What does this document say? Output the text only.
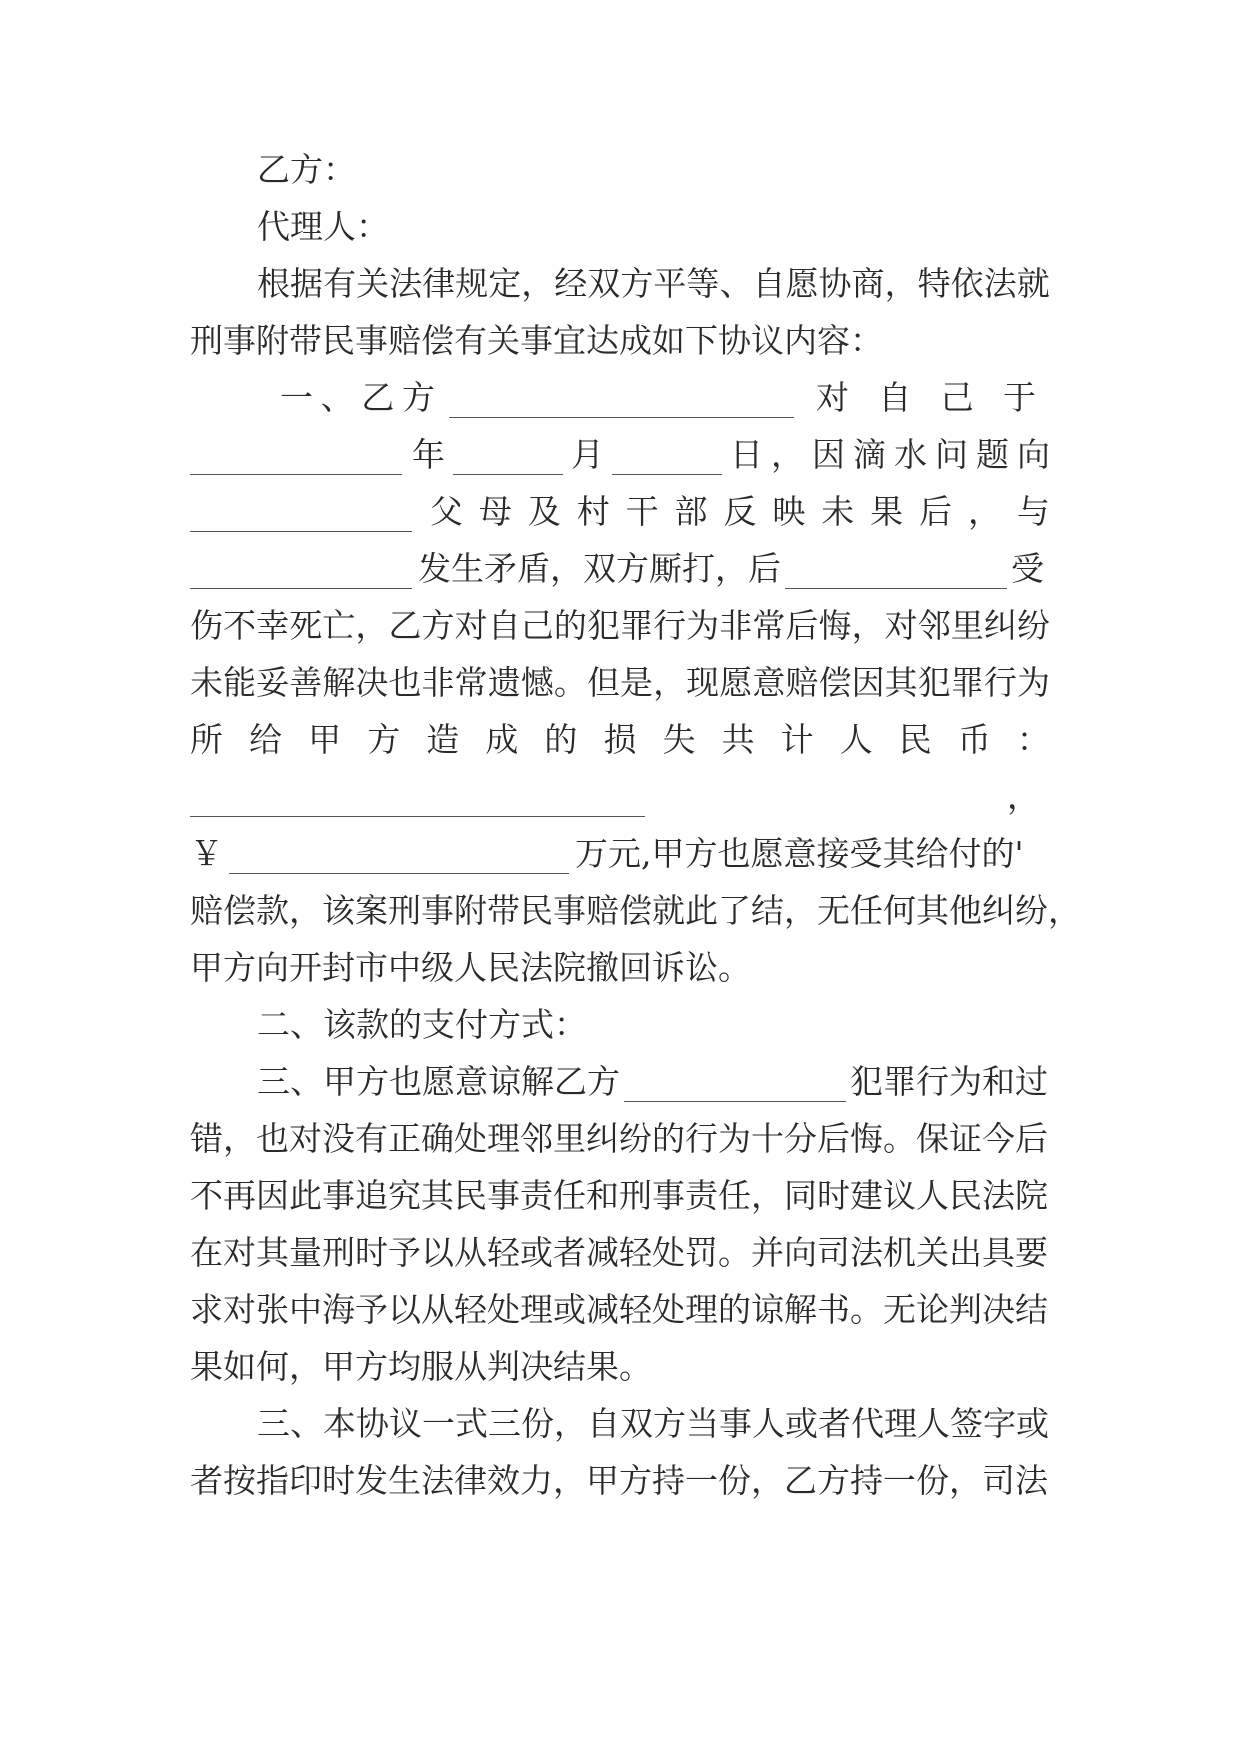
乙方：
代理人：
根 据 有 关 法 律 规 定 ， 经 双 方 平 等 、 自 愿 协 商 ， 特 依 法 就
刑事附带民事赔偿有关事宜达成如下协议内容：
一 、 乙 方	对 自 己 于
年	月	日 ， 因 滴 水 问 题 向
父 母 及 村 干 部 反 映 未 果 后 ， 与
发生矛盾，双方厮打，后	受
伤 不 幸 死 亡 ， 乙 方 对 自 己 的 犯 罪 行 为 非 常 后 悔 ， 对 邻 里 纠 纷
未 能 妥 善 解 决 也 非 常 遗 憾 。 但 是 ， 现 愿 意 赔 偿 因 其 犯 罪 行 为
所 给 甲 方 造 成 的 损 失 共 计 人 民 币 ：
，
￥	万元,甲方也愿意接受其给付的'
赔偿款，该案刑事附带民事赔偿就此了结，无任何其他纠纷，
甲方向开封市中级人民法院撤回诉讼。
二、该款的支付方式：
三、甲方也愿意谅解乙方	犯罪行为和过
错，也对没有正确处理邻里纠纷的行为十分后悔。保证今后
不再因此事追究其民事责任和刑事责任，同时建议人民法院
在对其量刑时予以从轻或者减轻处罚。并向司法机关出具要
求对张中海予以从轻处理或减轻处理的谅解书。无论判决结
果如何，甲方均服从判决结果。
三、本协议一式三份，自双方当事人或者代理人签字或
者按指印时发生法律效力，甲方持一份，乙方持一份，司法
